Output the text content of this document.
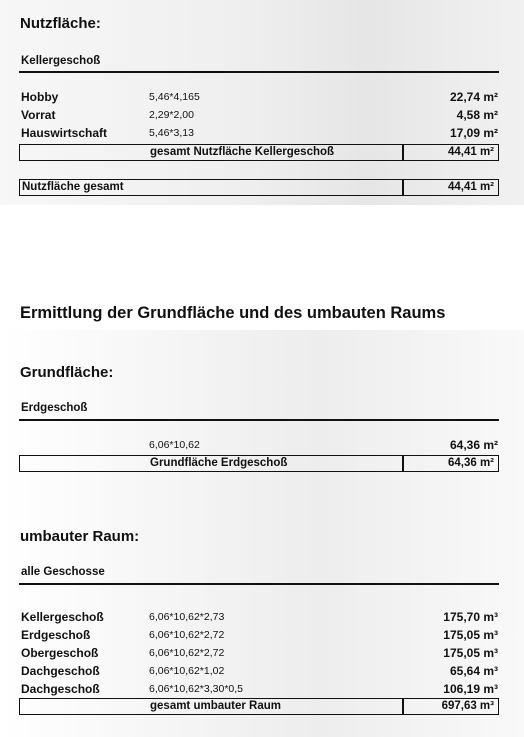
Nutzfläche:
Kellergeschoß
Hobby	5,46*4,165	22,74 m²
Vorrat	2,29*2,00	4,58 m²
Hauswirtschaft	5,46*3,13	17,09 m²
gesamt Nutzfläche Kellergeschoß	44,41 m²
Nutzfläche gesamt	44,41 m²
Ermittlung der Grundfläche und des umbauten Raums
Grundfläche:
Erdgeschoß
6,06*10,62	64,36 m²
Grundfläche Erdgeschoß	64,36 m²
umbauter Raum:
alle Geschosse
Kellergeschoß	6,06*10,62*2,73	175,70 m³
Erdgeschoß	6,06*10,62*2,72	175,05 m³
Obergeschoß	6,06*10,62*2,72	175,05 m³
Dachgeschoß	6,06*10,62*1,02	65,64 m³
Dachgeschoß	6,06*10,62*3,30*0,5	106,19 m³
gesamt umbauter Raum	697,63 m³
